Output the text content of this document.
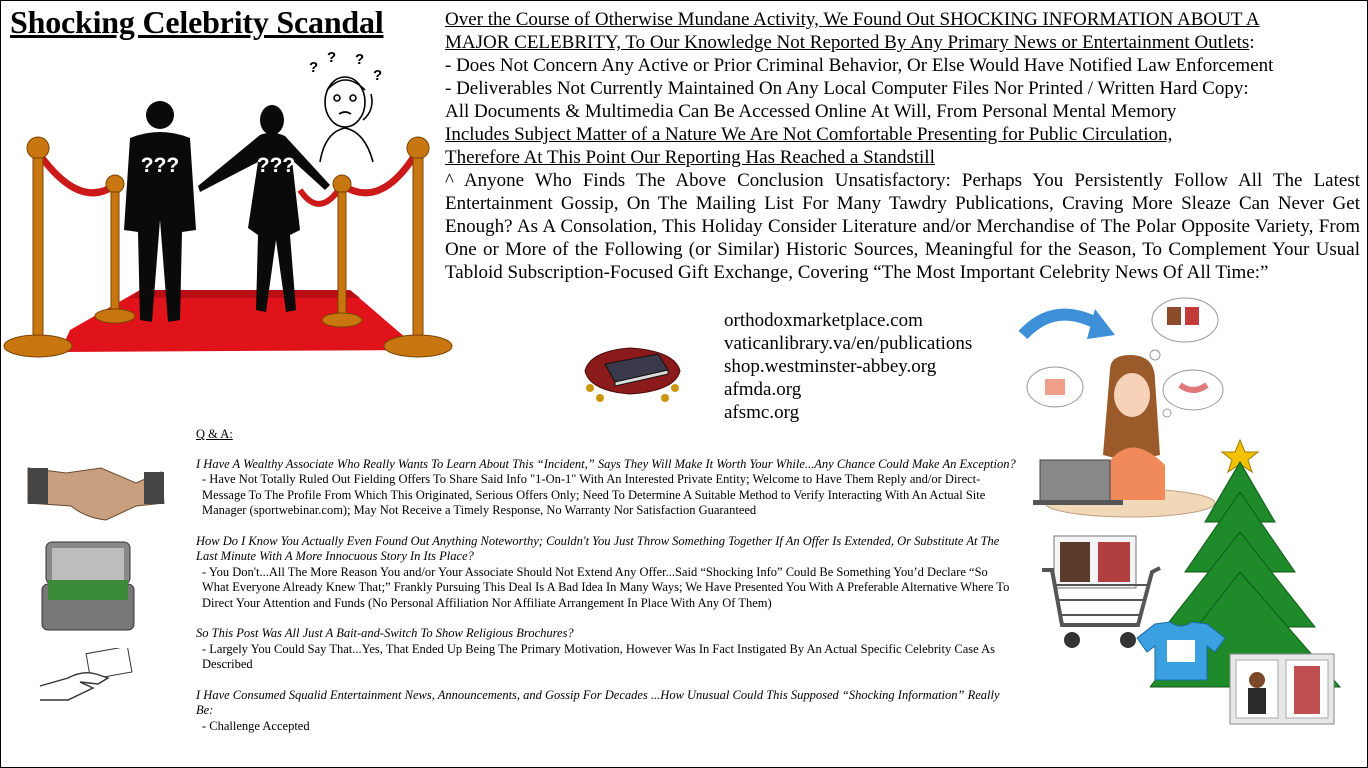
Shocking Celebrity Scandal
???	???
?
? ?
?
Over the Course of Otherwise Mundane Activity, We Found Out SHOCKING INFORMATION ABOUT A
MAJOR CELEBRITY, To Our Knowledge Not Reported By Any Primary News or Entertainment Outlets:
- Does Not Concern Any Active or Prior Criminal Behavior, Or Else Would Have Notified Law Enforcement
- Deliverables Not Currently Maintained On Any Local Computer Files Nor Printed / Written Hard Copy:
All Documents & Multimedia Can Be Accessed Online At Will, From Personal Mental Memory
Includes Subject Matter of a Nature We Are Not Comfortable Presenting for Public Circulation,
Therefore At This Point Our Reporting Has Reached a Standstill
^ Anyone Who Finds The Above Conclusion Unsatisfactory: Perhaps You Persistently Follow All The Latest Entertainment Gossip, On The Mailing List For Many Tawdry Publications, Craving More Sleaze Can Never Get Enough? As A Consolation, This Holiday Consider Literature and/or Merchandise of The Polar Opposite Variety, From One or More of the Following (or Similar) Historic Sources, Meaningful for the Season, To Complement Your Usual Tabloid Subscription-Focused Gift Exchange, Covering “The Most Important Celebrity News Of All Time:”
orthodoxmarketplace.com
vaticanlibrary.va/en/publications
shop.westminster-abbey.org
afmda.org
afsmc.org
Q & A:
I Have A Wealthy Associate Who Really Wants To Learn About This “Incident,” Says They Will Make It Worth Your While...Any Chance Could Make An Exception?
- Have Not Totally Ruled Out Fielding Offers To Share Said Info "1-On-1" With An Interested Private Entity; Welcome to Have Them Reply and/or Direct-Message To The Profile From Which This Originated, Serious Offers Only; Need To Determine A Suitable Method to Verify Interacting With An Actual Site Manager (sportwebinar.com); May Not Receive a Timely Response, No Warranty Nor Satisfaction Guaranteed
How Do I Know You Actually Even Found Out Anything Noteworthy; Couldn't You Just Throw Something Together If An Offer Is Extended, Or Substitute At The Last Minute With A More Innocuous Story In Its Place?
- You Don't...All The More Reason You and/or Your Associate Should Not Extend Any Offer...Said “Shocking Info” Could Be Something You’d Declare “So What Everyone Already Knew That;” Frankly Pursuing This Deal Is A Bad Idea In Many Ways; We Have Presented You With A Preferable Alternative Where To Direct Your Attention and Funds (No Personal Affiliation Nor Affiliate Arrangement In Place With Any Of Them)
So This Post Was All Just A Bait-and-Switch To Show Religious Brochures?
- Largely You Could Say That...Yes, That Ended Up Being The Primary Motivation, However Was In Fact Instigated By An Actual Specific Celebrity Case As Described
I Have Consumed Squalid Entertainment News, Announcements, and Gossip For Decades ...How Unusual Could This Supposed “Shocking Information” Really Be:
- Challenge Accepted
